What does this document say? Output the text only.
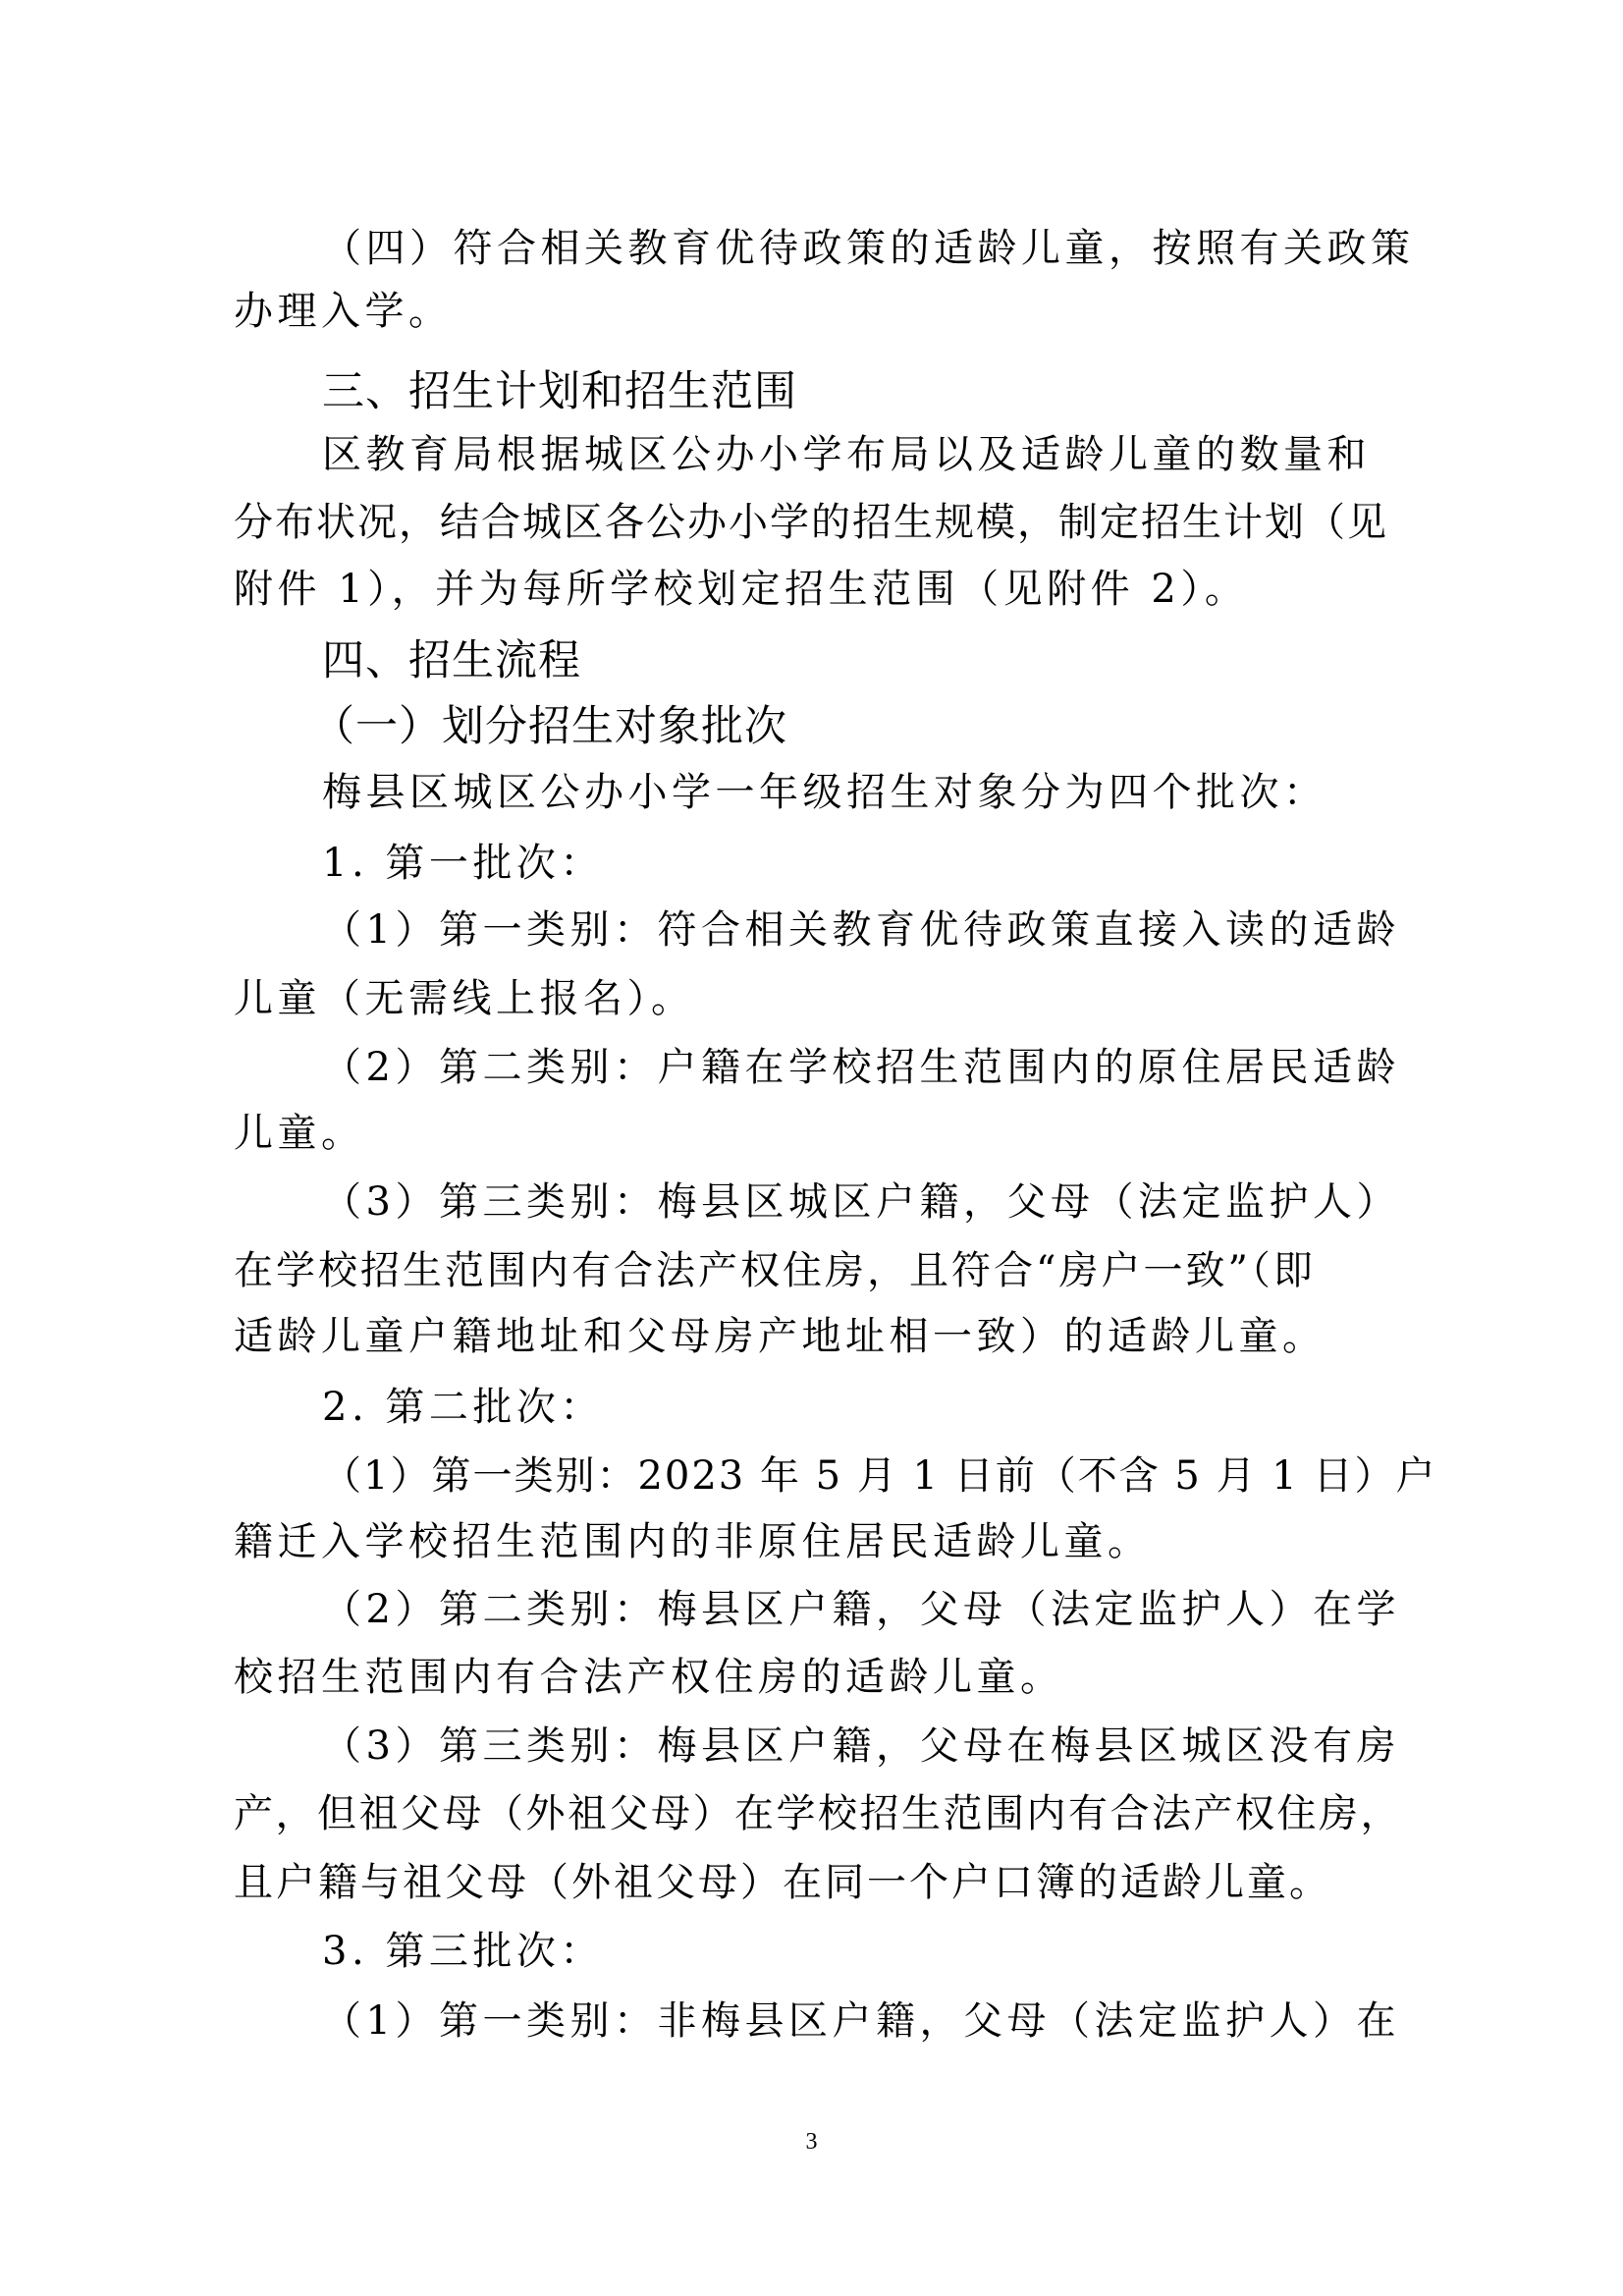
（四）符合相关教育优待政策的适龄儿童，按照有关政策
办理入学。
三、招生计划和招生范围
区教育局根据城区公办小学布局以及适龄儿童的数量和
分布状况，结合城区各公办小学的招生规模，制定招生计划（见
附件 1），并为每所学校划定招生范围（见附件 2）。
四、招生流程
（一）划分招生对象批次
梅县区城区公办小学一年级招生对象分为四个批次：
1. 第一批次：
（1）第一类别：符合相关教育优待政策直接入读的适龄
儿童（无需线上报名）。
（2）第二类别：户籍在学校招生范围内的原住居民适龄
儿童。
（3）第三类别：梅县区城区户籍，父母（法定监护人）
在学校招生范围内有合法产权住房，且符合“房户一致”（即
适龄儿童户籍地址和父母房产地址相一致）的适龄儿童。
2. 第二批次：
（1）第一类别：2023 年 5 月 1 日前（不含 5 月 1 日）户
籍迁入学校招生范围内的非原住居民适龄儿童。
（2）第二类别：梅县区户籍，父母（法定监护人）在学
校招生范围内有合法产权住房的适龄儿童。
（3）第三类别：梅县区户籍，父母在梅县区城区没有房
产，但祖父母（外祖父母）在学校招生范围内有合法产权住房，
且户籍与祖父母（外祖父母）在同一个户口簿的适龄儿童。
3. 第三批次：
（1）第一类别：非梅县区户籍，父母（法定监护人）在
3
